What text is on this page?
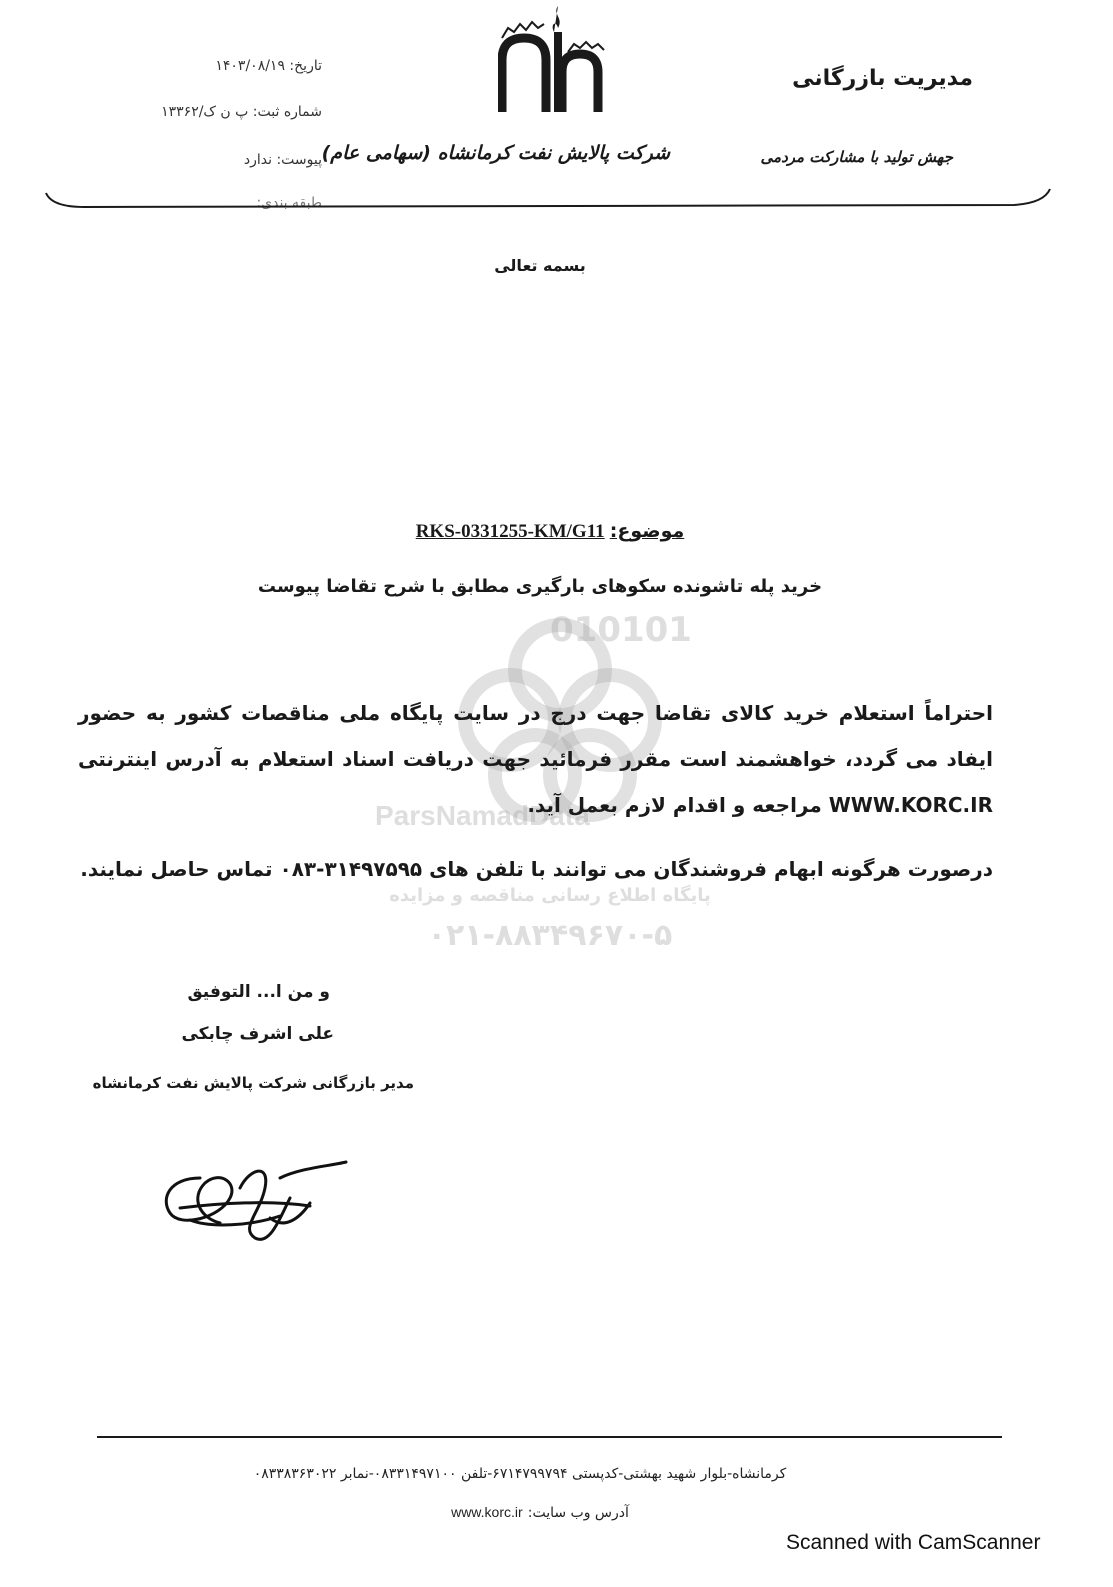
010101
ParsNamadData
پایگاه اطلاع رسانی مناقصه و مزایده
۰۲۱-۸۸۳۴۹۶۷۰-۵
مدیریت بازرگانی
جهش تولید با مشارکت مردمی
شرکت پالایش نفت کرمانشاه (سهامی عام)
تاریخ: ۱۴۰۳/۰۸/۱۹
شماره ثبت: پ ن ک/۱۳۳۶۲
پیوست: ندارد
طبقه بندی:
بسمه تعالی
RKS-0331255-KM/G11 موضوع:
خرید پله تاشونده سکوهای بارگیری مطابق با شرح تقاضا پیوست
احتراماً استعلام خرید کالای تقاضا جهت درج در سایت پایگاه ملی مناقصات کشور به حضور ایفاد می گردد، خواهشمند است مقرر فرمائید جهت دریافت اسناد استعلام به آدرس اینترنتی WWW.KORC.IR مراجعه و اقدام لازم بعمل آید.
درصورت هرگونه ابهام فروشندگان می توانند با تلفن های ۳۱۴۹۷۵۹۵-۰۸۳ تماس حاصل نمایند.
و من ا... التوفیق
علی اشرف چابکی
مدیر بازرگانی شرکت پالایش نفت کرمانشاه
کرمانشاه-بلوار شهید بهشتی-کدپستی ۶۷۱۴۷۹۹۷۹۴-تلفن ۰۸۳۳۱۴۹۷۱۰۰-نمابر ۰۸۳۳۸۳۶۳۰۲۲
www.korc.ir آدرس وب سایت:
Scanned with CamScanner
